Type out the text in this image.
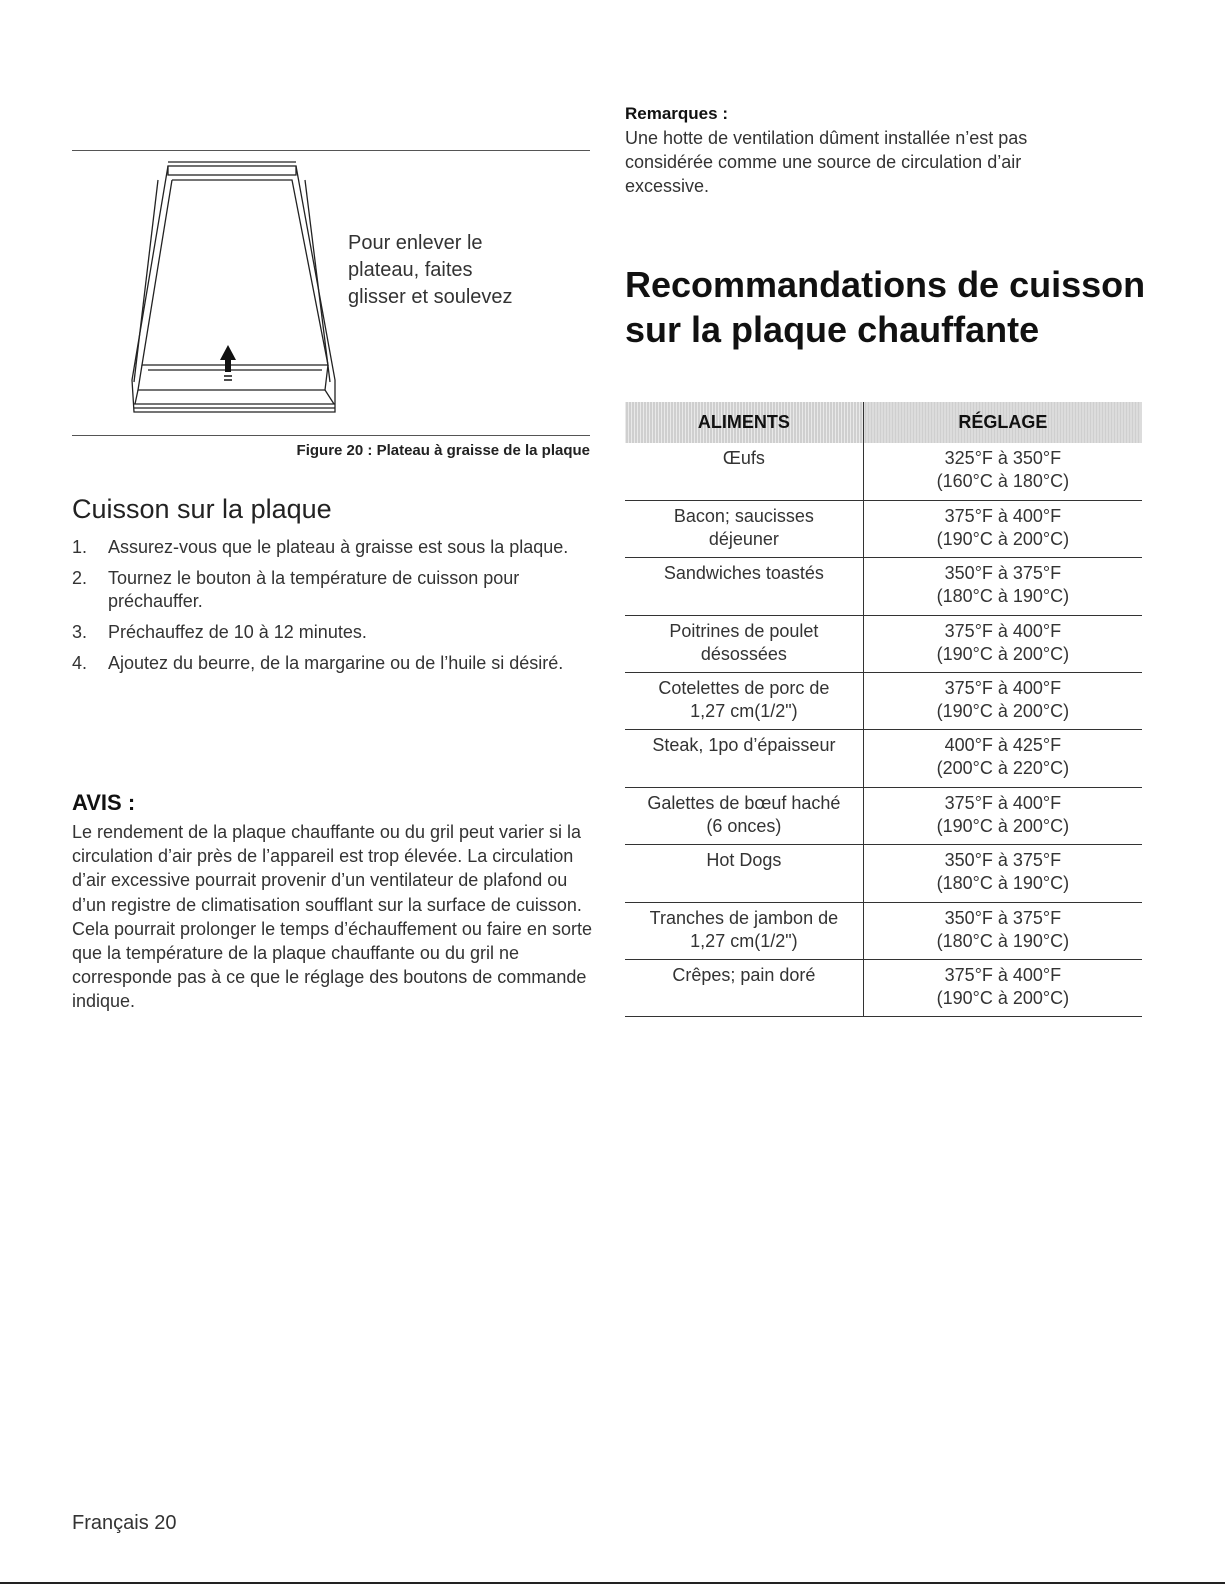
Pour enlever le
plateau, faites
glisser et soulevez
Figure 20 : Plateau à graisse de la plaque
Cuisson sur la plaque
1. Assurez-vous que le plateau à graisse est sous la plaque.
2. Tournez le bouton à la température de cuisson pour préchauffer.
3. Préchauffez de 10 à 12 minutes.
4. Ajoutez du beurre, de la margarine ou de l’huile si désiré.
AVIS :

Le rendement de la plaque chauffante ou du gril peut varier si la circulation d’air près de l’appareil est trop élevée. La circulation d’air excessive pourrait provenir d’un ventilateur de plafond ou d’un registre de climatisation soufflant sur la surface de cuisson. Cela pourrait prolonger le temps d’échauffement ou faire en sorte que la température de la plaque chauffante ou du gril ne corresponde pas à ce que le réglage des boutons de commande indique.

Remarques :

Une hotte de ventilation dûment installée n’est pas considérée comme une source de circulation d’air excessive.

Recommandations de cuisson sur la plaque chauffante
ALIMENTS	RÉGLAGE

Œufs	325°F à 350°F
(160°C à 180°C)

Bacon; saucisses
déjeuner	375°F à 400°F
(190°C à 200°C)

Sandwiches toastés	350°F à 375°F
(180°C à 190°C)

Poitrines de poulet
désossées	375°F à 400°F
(190°C à 200°C)

Cotelettes de porc de
1,27 cm(1/2")	375°F à 400°F
(190°C à 200°C)

Steak, 1po d’épaisseur	400°F à 425°F
(200°C à 220°C)

Galettes de bœuf haché
(6 onces)	375°F à 400°F
(190°C à 200°C)

Hot Dogs	350°F à 375°F
(180°C à 190°C)

Tranches de jambon de
1,27 cm(1/2")	350°F à 375°F
(180°C à 190°C)

Crêpes; pain doré	375°F à 400°F
(190°C à 200°C)
Français 20
